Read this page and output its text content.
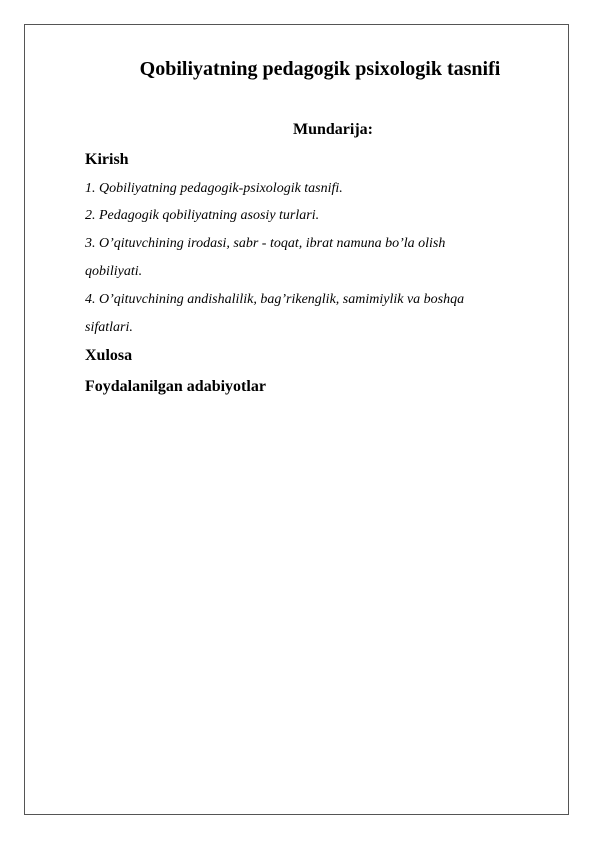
Qobiliyatning pedagogik psixologik tasnifi
Mundarija:
Kirish
1. Qobiliyatning pedagogik-psixologik tasnifi.
2. Pedagogik qobiliyatning asosiy turlari.
3. O’qituvchining irodasi, sabr - toqat, ibrat namuna bo’la olish
qobiliyati.
4. O’qituvchining andishalilik, bag’rikenglik, samimiylik va boshqa
sifatlari.
Xulosa
Foydalanilgan adabiyotlar
